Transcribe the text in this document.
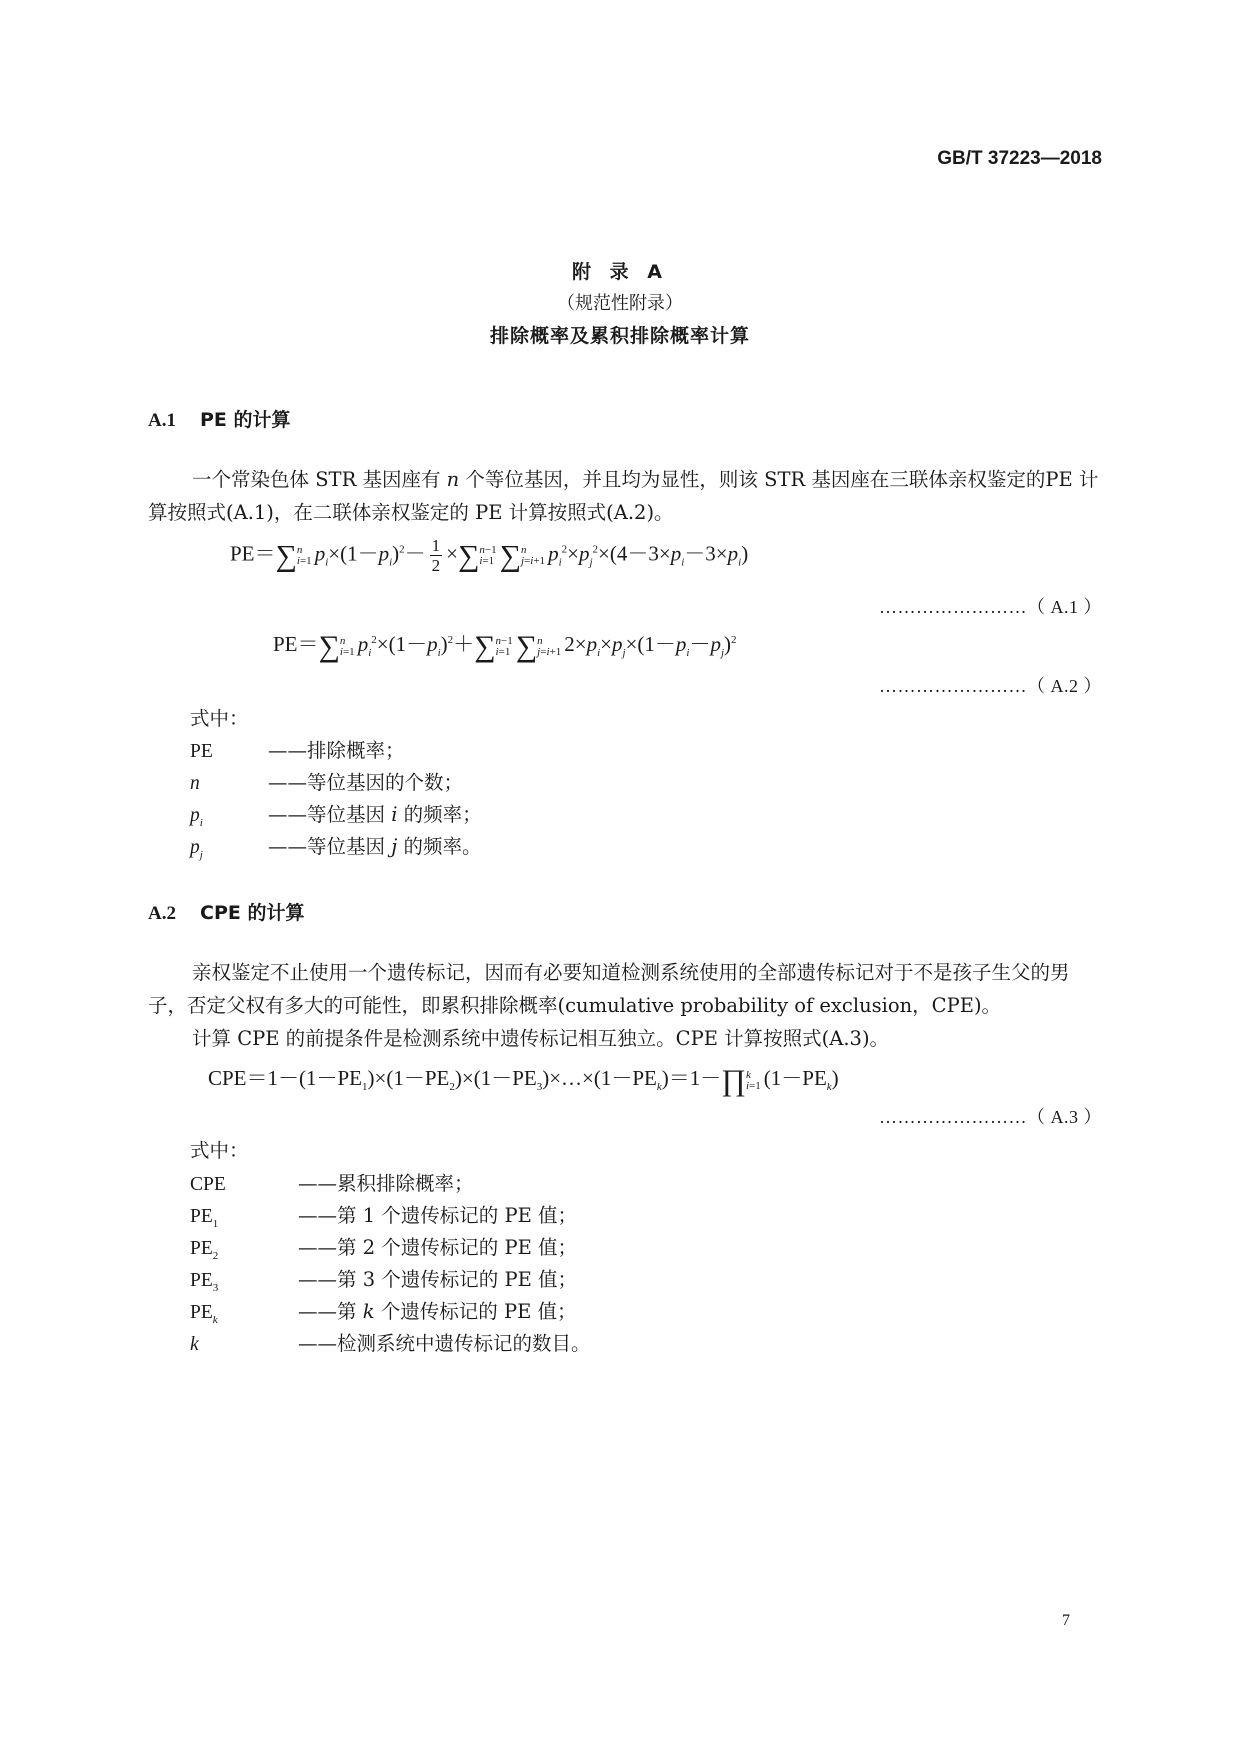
GB/T 37223—2018
附 录 A
（规范性附录）
排除概率及累积排除概率计算
A.1 PE 的计算
一个常染色体 STR 基因座有 n 个等位基因，并且均为显性，则该 STR 基因座在三联体亲权鉴定的PE 计算按照式(A.1)，在二联体亲权鉴定的 PE 计算按照式(A.2)。
PE＝∑ n
i=1 $p_i\times(1-p_i)^2- \frac{1}{2}$ ×∑ n−1
i=1 ∑ n
j=i+1 $p_i^2\times p_j^2\times(4-3\times p_i-3\times p_i)$
……………………（ A.1 ）
PE＝∑ n
i=1 $p_i^2\times(1-p_i)^2+\sum$ n−1
i=1 ∑ n
j=i+1 $2\times p_i\times p_j\times(1-p_i-p_j)^2$
……………………（ A.2 ）
式中：
PE	——排除概率；
n	——等位基因的个数；
$p_i$	——等位基因 i 的频率；
$p_j$	——等位基因 j 的频率。
A.2 CPE 的计算
亲权鉴定不止使用一个遗传标记，因而有必要知道检测系统使用的全部遗传标记对于不是孩子生父的男子，否定父权有多大的可能性，即累积排除概率(cumulative probability of exclusion，CPE)。
计算 CPE 的前提条件是检测系统中遗传标记相互独立。CPE 计算按照式(A.3)。
$CPE=1-(1-PE_1)\times(1-PE_2)\times(1-PE_3)\times\dots\times(1-PE_k)=1-\prod$ k
i=1 $(1-PE_k)$
……………………（ A.3 ）
式中：
CPE	——累积排除概率；
$PE_1$	——第 1 个遗传标记的 PE 值；
$PE_2$	——第 2 个遗传标记的 PE 值；
$PE_3$	——第 3 个遗传标记的 PE 值；
$PE_k$	——第 k 个遗传标记的 PE 值；
k	——检测系统中遗传标记的数目。
7
